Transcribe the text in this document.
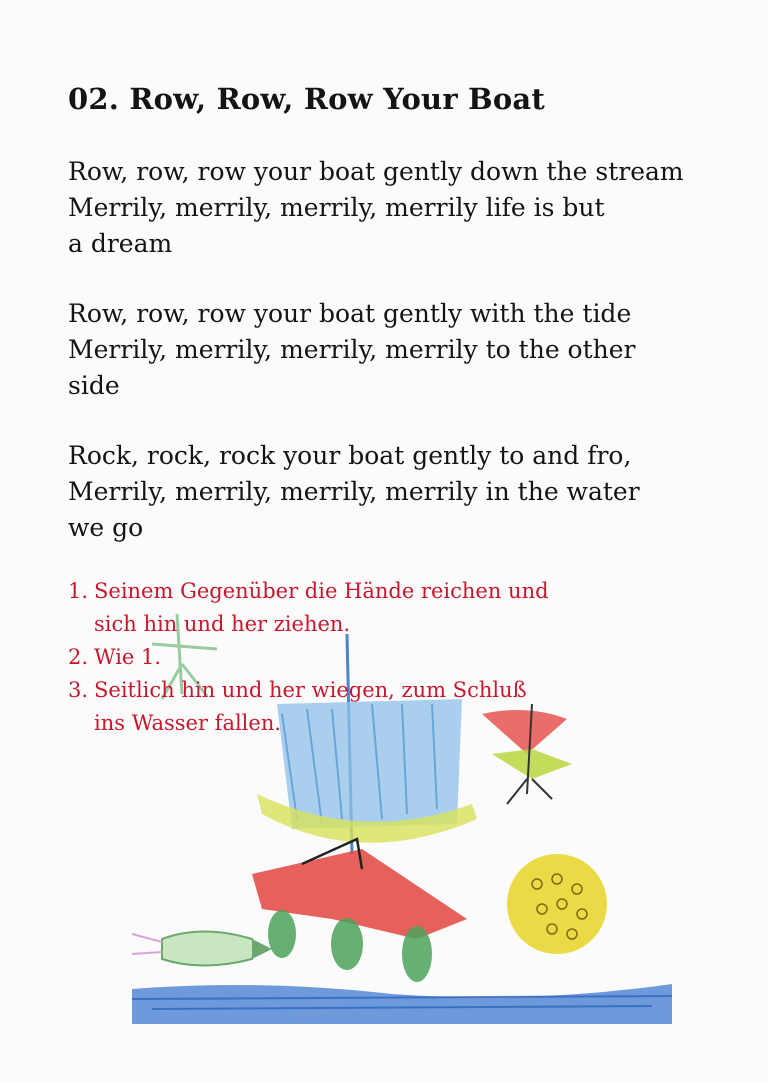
02. Row, Row, Row Your Boat

Row, row, row your boat gently down the stream
Merrily, merrily, merrily, merrily life is but
a dream

Row, row, row your boat gently with the tide
Merrily, merrily, merrily, merrily to the other
side

Rock, rock, rock your boat gently to and fro,
Merrily, merrily, merrily, merrily in the water
we go

1. Seinem Gegenüber die Hände reichen und
sich hin und her ziehen.
2. Wie 1.
3. Seitlich hin und her wiegen, zum Schluß
ins Wasser fallen.
